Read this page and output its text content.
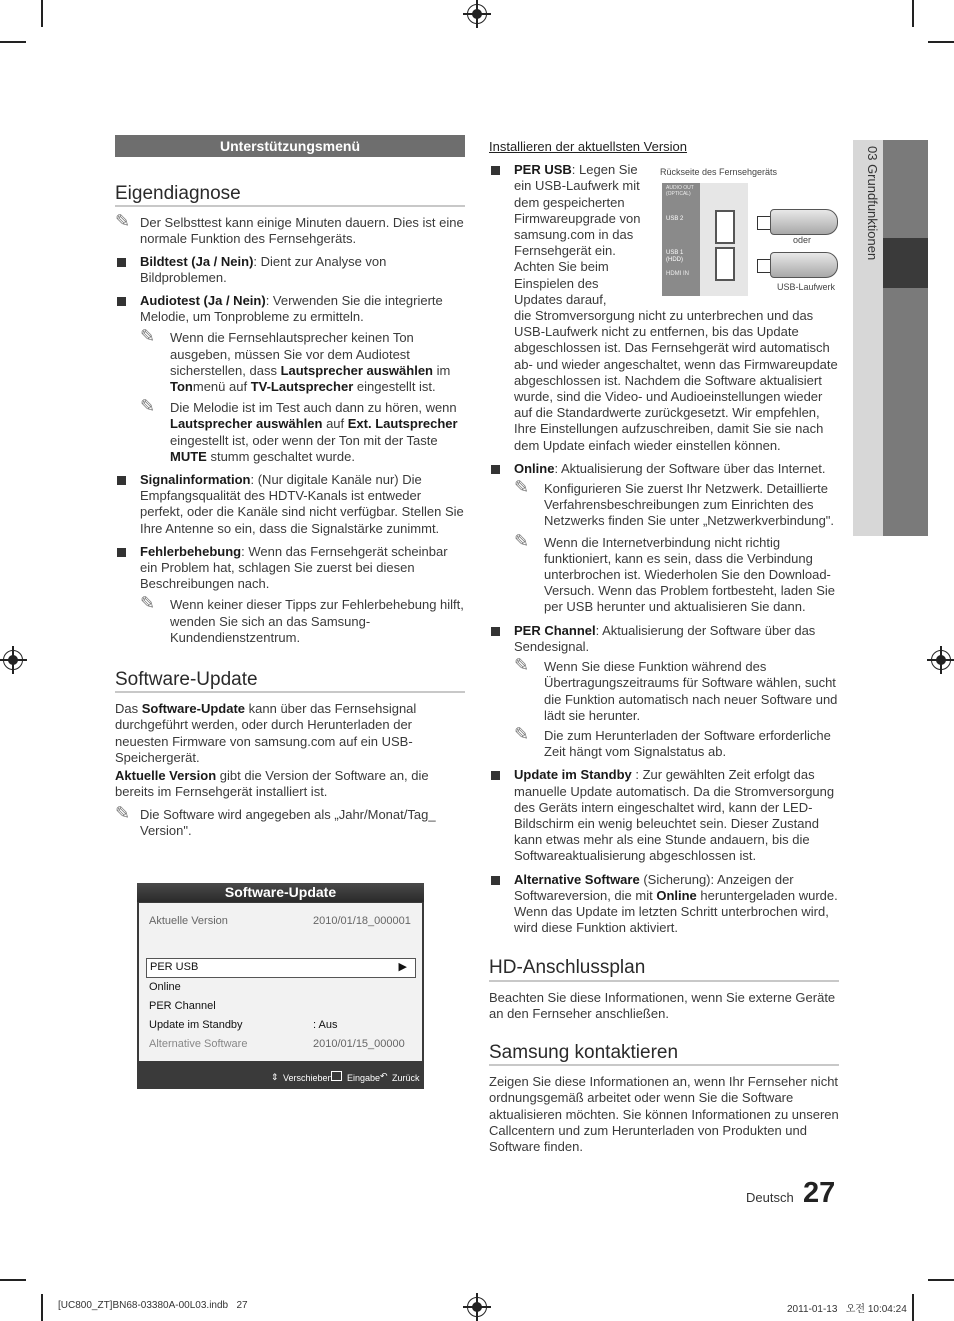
03 Grundfunktionen
Unterstützungsmenü
Eigendiagnose

✎ Der Selbsttest kann einige Minuten dauern. Dies ist eine normale Funktion des Fernsehgeräts.

Bildtest (Ja / Nein): Dient zur Analyse von Bildproblemen.

Audiotest (Ja / Nein): Verwenden Sie die integrierte Melodie, um Tonprobleme zu ermitteln.

✎ Wenn die Fernsehlautsprecher keinen Ton ausgeben, müssen Sie vor dem Audiotest sicherstellen, dass Lautsprecher auswählen im Tonmenü auf TV-Lautsprecher eingestellt ist.

✎ Die Melodie ist im Test auch dann zu hören, wenn Lautsprecher auswählen auf Ext. Lautsprecher eingestellt ist, oder wenn der Ton mit der Taste MUTE stumm geschaltet wurde.

Signalinformation: (Nur digitale Kanäle nur) Die Empfangsqualität des HDTV-Kanals ist entweder perfekt, oder die Kanäle sind nicht verfügbar. Stellen Sie Ihre Antenne so ein, dass die Signalstärke zunimmt.

Fehlerbehebung: Wenn das Fernsehgerät scheinbar ein Problem hat, schlagen Sie zuerst bei diesen Beschreibungen nach.

✎ Wenn keiner dieser Tipps zur Fehlerbehebung hilft, wenden Sie sich an das Samsung-Kundendienstzentrum.

Software-Update

Das Software-Update kann über das Fernsehsignal durchgeführt werden, oder durch Herunterladen der neuesten Firmware von samsung.com auf ein USB-Speichergerät.

Aktuelle Version gibt die Version der Software an, die bereits im Fernsehgerät installiert ist.

✎ Die Software wird angegeben als „Jahr/Monat/Tag_ Version".

Software-Update
Aktuelle Version	2010/01/18_000001
PER USB	▶
Online
PER Channel
Update im Standby	: Aus
Alternative Software	2010/01/15_00000
⇕ Verschieben Eingabe ↶ Zurück
Installieren der aktuellsten Version

PER USB: Legen Sie ein USB-Laufwerk mit dem gespeicherten Firmwareupgrade von samsung.com in das Fernsehgerät ein. Achten Sie beim Einspielen des Updates darauf,

die Stromversorgung nicht zu unterbrechen und das USB-Laufwerk nicht zu entfernen, bis das Update abgeschlossen ist. Das Fernsehgerät wird automatisch ab- und wieder angeschaltet, wenn das Firmwareupdate abgeschlossen ist. Nachdem die Software aktualisiert wurde, sind die Video- und Audioeinstellungen wieder auf die Standardwerte zurückgesetzt. Wir empfehlen, Ihre Einstellungen aufzuschreiben, damit Sie sie nach dem Update einfach wieder einstellen können.

Online: Aktualisierung der Software über das Internet.

✎ Konfigurieren Sie zuerst Ihr Netzwerk. Detaillierte Verfahrensbeschreibungen zum Einrichten des Netzwerks finden Sie unter „Netzwerkverbindung".

✎ Wenn die Internetverbindung nicht richtig funktioniert, kann es sein, dass die Verbindung unterbrochen ist. Wiederholen Sie den Download-Versuch. Wenn das Problem fortbesteht, laden Sie per USB herunter und aktualisieren Sie dann.

PER Channel: Aktualisierung der Software über das Sendesignal.

✎ Wenn Sie diese Funktion während des Übertragungszeitraums für Software wählen, sucht die Funktion automatisch nach neuer Software und lädt sie herunter.

✎ Die zum Herunterladen der Software erforderliche Zeit hängt vom Signalstatus ab.

Update im Standby : Zur gewählten Zeit erfolgt das manuelle Update automatisch. Da die Stromversorgung des Geräts intern eingeschaltet wird, kann der LED-Bildschirm ein wenig beleuchtet sein. Dieser Zustand kann etwas mehr als eine Stunde andauern, bis die Softwareaktualisierung abgeschlossen ist.

Alternative Software (Sicherung): Anzeigen der Softwareversion, die mit Online heruntergeladen wurde. Wenn das Update im letzten Schritt unterbrochen wird, wird diese Funktion aktiviert.

HD-Anschlussplan

Beachten Sie diese Informationen, wenn Sie externe Geräte an den Fernseher anschließen.

Samsung kontaktieren

Zeigen Sie diese Informationen an, wenn Ihr Fernseher nicht ordnungsgemäß arbeitet oder wenn Sie die Software aktualisieren möchten. Sie können Informationen zu unseren Callcentern und zum Herunterladen von Produkten und Software finden.

Rückseite des Fernsehgeräts
AUDIO OUT (OPTICAL)
USB 2
USB 1 (HDD)
HDMI IN
oder
USB-Laufwerk
Deutsch 27
[UC800_ZT]BN68-03380A-00L03.indb   27	2011-01-13   오전 10:04:24
